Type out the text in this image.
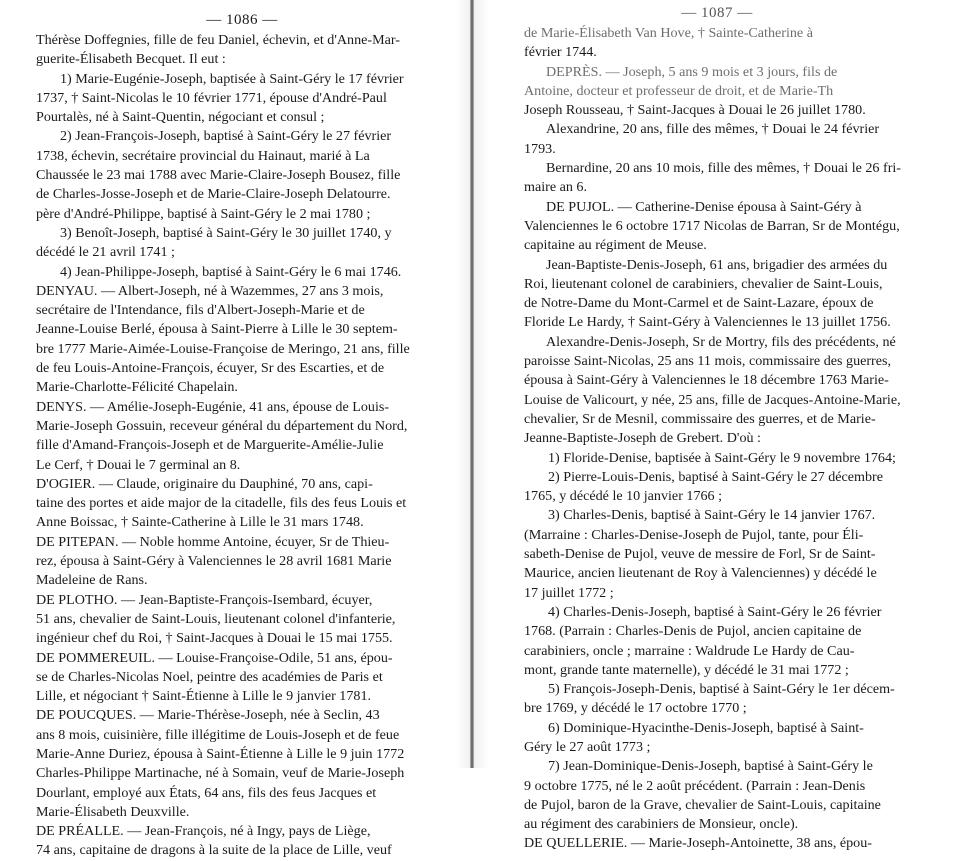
— 1086 —
Thérèse Doffegnies, fille de feu Daniel, échevin, et d'Anne-Mar-
guerite-Élisabeth Becquet. Il eut :
1) Marie-Eugénie-Joseph, baptisée à Saint-Géry le 17 février
1737, † Saint-Nicolas le 10 février 1771, épouse d'André-Paul
Pourtalès, né à Saint-Quentin, négociant et consul ;
2) Jean-François-Joseph, baptisé à Saint-Géry le 27 février
1738, échevin, secrétaire provincial du Hainaut, marié à La
Chaussée le 23 mai 1788 avec Marie-Claire-Joseph Bousez, fille
de Charles-Josse-Joseph et de Marie-Claire-Joseph Delatourre.
père d'André-Philippe, baptisé à Saint-Géry le 2 mai 1780 ;
3) Benoît-Joseph, baptisé à Saint-Géry le 30 juillet 1740, y
décédé le 21 avril 1741 ;
4) Jean-Philippe-Joseph, baptisé à Saint-Géry le 6 mai 1746.
DENYAU. — Albert-Joseph, né à Wazemmes, 27 ans 3 mois,
secrétaire de l'Intendance, fils d'Albert-Joseph-Marie et de
Jeanne-Louise Berlé, épousa à Saint-Pierre à Lille le 30 septem-
bre 1777 Marie-Aimée-Louise-Françoise de Meringo, 21 ans, fille
de feu Louis-Antoine-François, écuyer, Sr des Escarties, et de
Marie-Charlotte-Félicité Chapelain.
DENYS. — Amélie-Joseph-Eugénie, 41 ans, épouse de Louis-
Marie-Joseph Gossuin, receveur général du département du Nord,
fille d'Amand-François-Joseph et de Marguerite-Amélie-Julie
Le Cerf, † Douai le 7 germinal an 8.
D'OGIER. — Claude, originaire du Dauphiné, 70 ans, capi-
taine des portes et aide major de la citadelle, fils des feus Louis et
Anne Boissac, † Sainte-Catherine à Lille le 31 mars 1748.
DE PITEPAN. — Noble homme Antoine, écuyer, Sr de Thieu-
rez, épousa à Saint-Géry à Valenciennes le 28 avril 1681 Marie
Madeleine de Rans.
DE PLOTHO. — Jean-Baptiste-François-Isembard, écuyer,
51 ans, chevalier de Saint-Louis, lieutenant colonel d'infanterie,
ingénieur chef du Roi, † Saint-Jacques à Douai le 15 mai 1755.
DE POMMEREUIL. — Louise-Françoise-Odile, 51 ans, épou-
se de Charles-Nicolas Noel, peintre des académies de Paris et
Lille, et négociant † Saint-Étienne à Lille le 9 janvier 1781.
DE POUCQUES. — Marie-Thérèse-Joseph, née à Seclin, 43
ans 8 mois, cuisinière, fille illégitime de Louis-Joseph et de feue
Marie-Anne Duriez, épousa à Saint-Étienne à Lille le 9 juin 1772
Charles-Philippe Martinache, né à Somain, veuf de Marie-Joseph
Dourlant, employé aux États, 64 ans, fils des feus Jacques et
Marie-Élisabeth Deuxville.
DE PRÉALLE. — Jean-François, né à Ingy, pays de Liège,
74 ans, capitaine de dragons à la suite de la place de Lille, veuf
— 1087 —
de Marie-Élisabeth Van Hove, † Sainte-Catherine à
février 1744.
DEPRÈS. — Joseph, 5 ans 9 mois et 3 jours, fils de
Antoine, docteur et professeur de droit, et de Marie-Th
Joseph Rousseau, † Saint-Jacques à Douai le 26 juillet 1780.
Alexandrine, 20 ans, fille des mêmes, † Douai le 24 février
1793.
Bernardine, 20 ans 10 mois, fille des mêmes, † Douai le 26 fri-
maire an 6.
DE PUJOL. — Catherine-Denise épousa à Saint-Géry à
Valenciennes le 6 octobre 1717 Nicolas de Barran, Sr de Montégu,
capitaine au régiment de Meuse.
Jean-Baptiste-Denis-Joseph, 61 ans, brigadier des armées du
Roi, lieutenant colonel de carabiniers, chevalier de Saint-Louis,
de Notre-Dame du Mont-Carmel et de Saint-Lazare, époux de
Floride Le Hardy, † Saint-Géry à Valenciennes le 13 juillet 1756.
Alexandre-Denis-Joseph, Sr de Mortry, fils des précédents, né
paroisse Saint-Nicolas, 25 ans 11 mois, commissaire des guerres,
épousa à Saint-Géry à Valenciennes le 18 décembre 1763 Marie-
Louise de Valicourt, y née, 25 ans, fille de Jacques-Antoine-Marie,
chevalier, Sr de Mesnil, commissaire des guerres, et de Marie-
Jeanne-Baptiste-Joseph de Grebert. D'où :
1) Floride-Denise, baptisée à Saint-Géry le 9 novembre 1764;
2) Pierre-Louis-Denis, baptisé à Saint-Géry le 27 décembre
1765, y décédé le 10 janvier 1766 ;
3) Charles-Denis, baptisé à Saint-Géry le 14 janvier 1767.
(Marraine : Charles-Denise-Joseph de Pujol, tante, pour Éli-
sabeth-Denise de Pujol, veuve de messire de Forl, Sr de Saint-
Maurice, ancien lieutenant de Roy à Valenciennes) y décédé le
17 juillet 1772 ;
4) Charles-Denis-Joseph, baptisé à Saint-Géry le 26 février
1768. (Parrain : Charles-Denis de Pujol, ancien capitaine de
carabiniers, oncle ; marraine : Waldrude Le Hardy de Cau-
mont, grande tante maternelle), y décédé le 31 mai 1772 ;
5) François-Joseph-Denis, baptisé à Saint-Géry le 1er décem-
bre 1769, y décédé le 17 octobre 1770 ;
6) Dominique-Hyacinthe-Denis-Joseph, baptisé à Saint-
Géry le 27 août 1773 ;
7) Jean-Dominique-Denis-Joseph, baptisé à Saint-Géry le
9 octobre 1775, né le 2 août précédent. (Parrain : Jean-Denis
de Pujol, baron de la Grave, chevalier de Saint-Louis, capitaine
au régiment des carabiniers de Monsieur, oncle).
DE QUELLERIE. — Marie-Joseph-Antoinette, 38 ans, épou-
